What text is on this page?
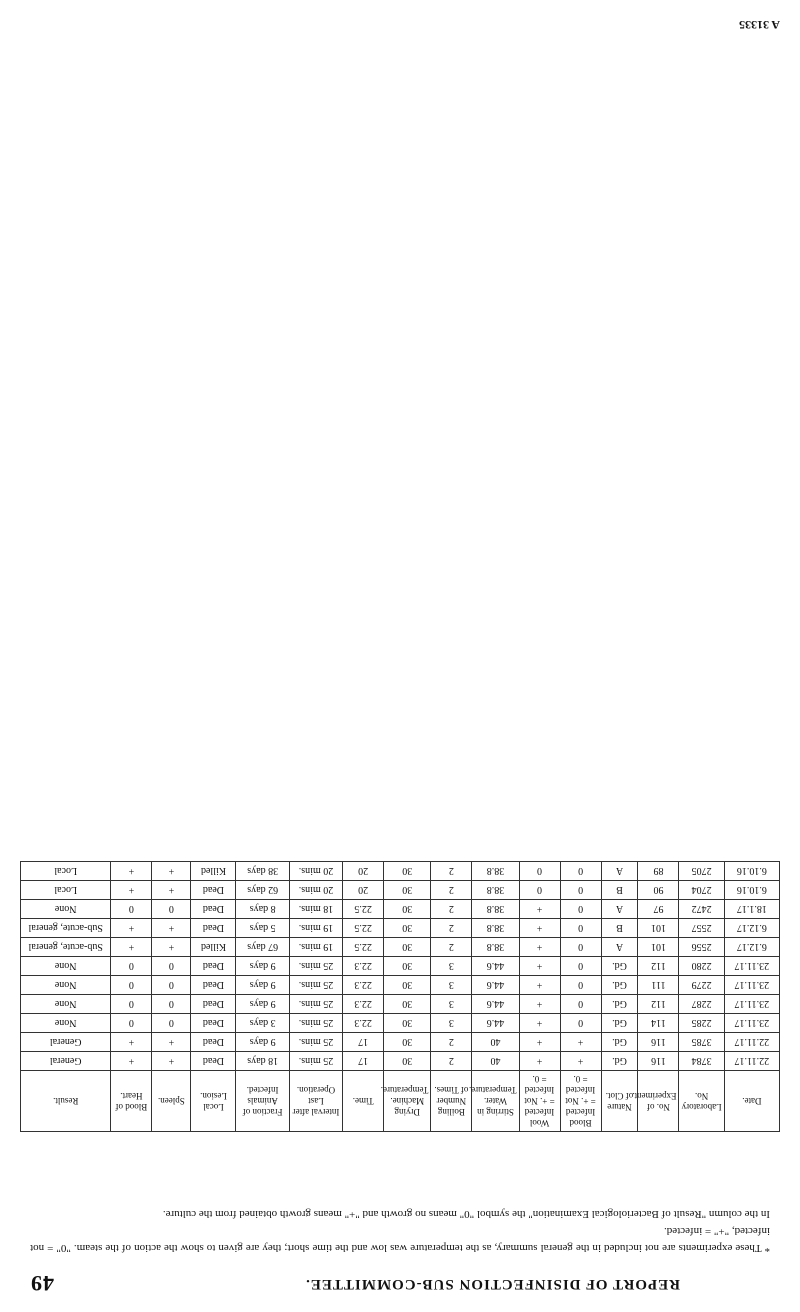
REPORT OF DISINFECTION SUB-COMMITTEE.
49

* These experiments are not included in the general summary, as the temperature was low and the time short; they are given to show the action of the steam. "0" = not infected, "+" = infected.

In the column "Result of Bacteriological Examination" the symbol "0" means no growth and "+" means growth obtained from the culture.

Date.	Laboratory No.	No. of Experiment.	Nature of Clot.	Blood Infected = +. Not Infected = 0.	Wool Infected = +. Not Infected = 0.	Stirring in Water. Temperature.	Boiling Number of Times.	Drying Machine. Temperature.	Time.	Interval after Last Operation.	Fraction of Animals Infected.	Local Lesion.	Spleen.	Blood of Heart.	Result.
22.11.17	3784	116	Gd.	+	+	40	2	30	17	25 mins.	18 days	Dead	+	+	General
22.11.17	3785	116	Gd.	+	+	40	2	30	17	25 mins.	9 days	Dead	+	+	General
23.11.17	2285	114	Gd.	0	+	44.6	3	30	22.3	25 mins.	3 days	Dead	0	0	None
23.11.17	2287	112	Gd.	0	+	44.6	3	30	22.3	25 mins.	9 days	Dead	0	0	None
23.11.17	2279	111	Gd.	0	+	44.6	3	30	22.3	25 mins.	9 days	Dead	0	0	None
23.11.17	2280	112	Gd.	0	+	44.6	3	30	22.3	25 mins.	9 days	Dead	0	0	None
6.12.17	2556	101	A	0	+	38.8	2	30	22.5	19 mins.	67 days	Killed	+	+	Sub-acute, general
6.12.17	2557	101	B	0	+	38.8	2	30	22.5	19 mins.	5 days	Dead	+	+	Sub-acute, general
18.1.17	2472	97	A	0	+	38.8	2	30	22.5	18 mins.	8 days	Dead	0	0	None
6.10.16	2704	90	B	0	0	38.8	2	30	20	20 mins.	62 days	Dead	+	+	Local
6.10.16	2705	89	A	0	0	38.8	2	30	20	20 mins.	38 days	Killed	+	+	Local
A 31335
